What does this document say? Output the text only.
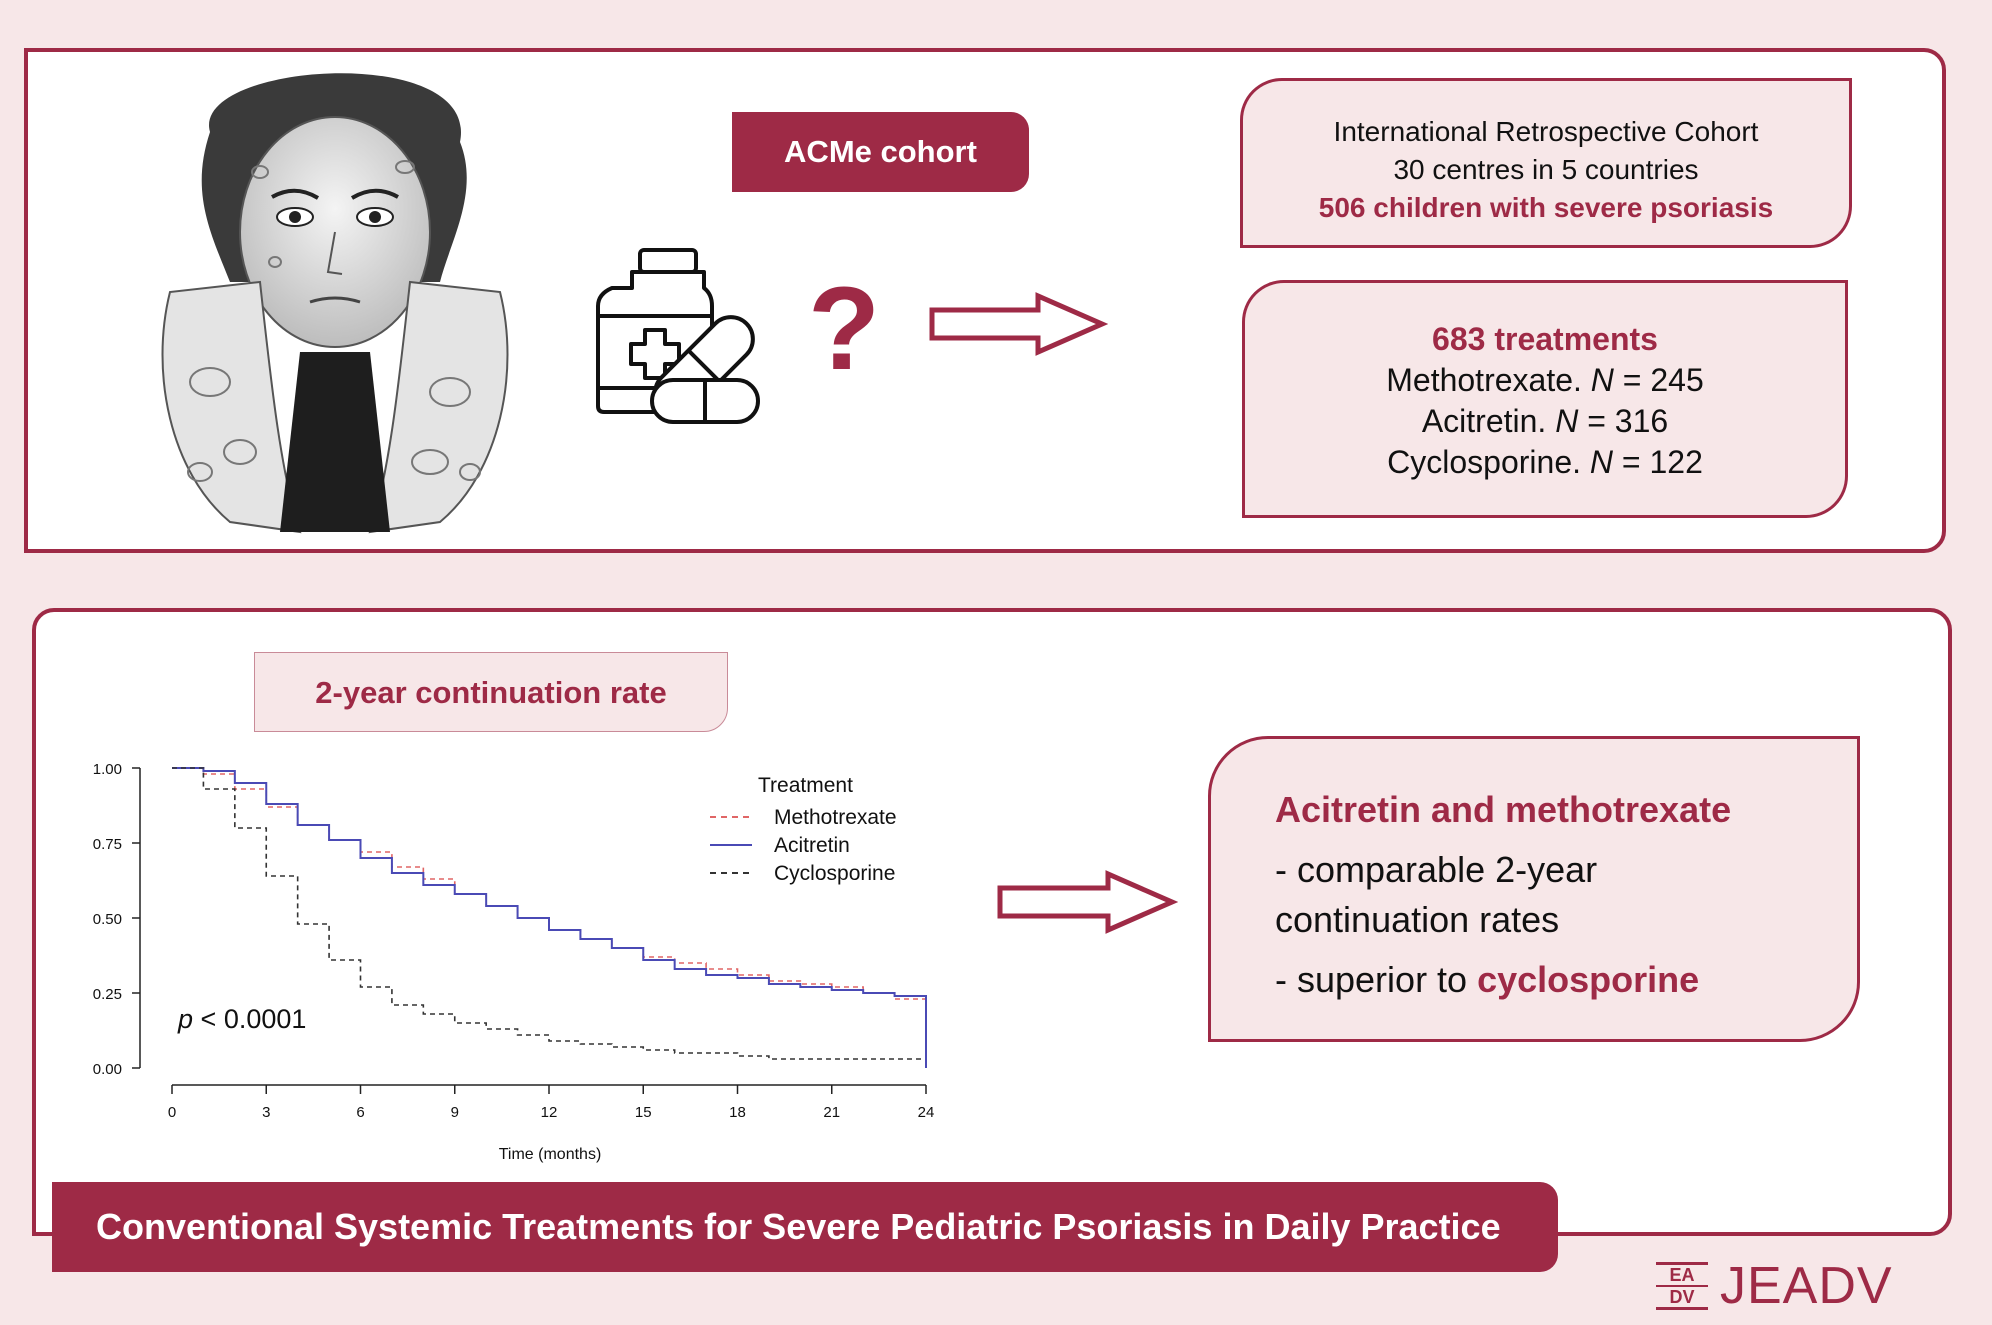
ACMe cohort
?
International Retrospective Cohort
30 centres in 5 countries
506 children with severe psoriasis
683 treatments
Methotrexate. N = 245
Acitretin. N = 316
Cyclosporine. N = 122
2-year continuation rate
0.00
0.25
0.50
0.75
1.00
0	3	6	9	12	15	18	21	24
Treatment
Methotrexate
Acitretin
Cyclosporine
p < 0.0001
Time (months)
Acitretin and methotrexate
- comparable 2-year
continuation rates
- superior to cyclosporine
Conventional Systemic Treatments for Severe Pediatric Psoriasis in Daily Practice
EA
DV JEADV
